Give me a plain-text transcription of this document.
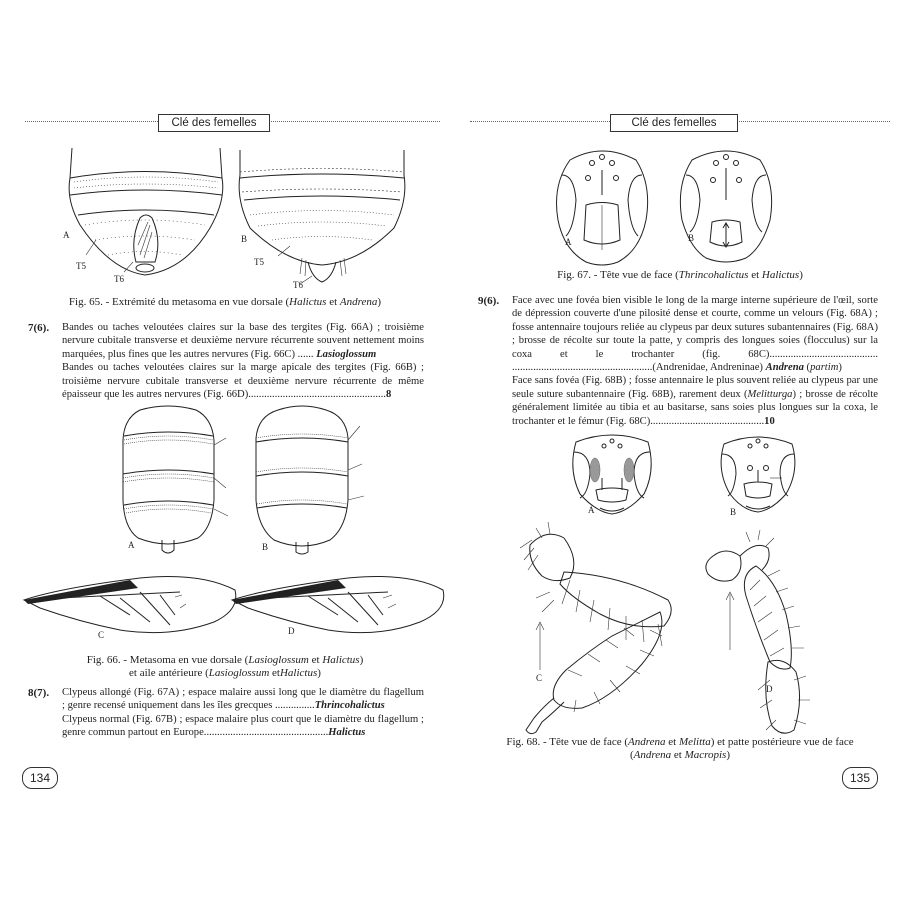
Clé des femelles
A
T5
T6
B
T5
T6
Fig. 65. - Extrémité du metasoma en vue dorsale (Halictus et Andrena)
7(6). Bandes ou taches veloutées claires sur la base des tergites (Fig. 66A) ; troisième nervure cubitale transverse et deuxième nervure récurrente souvent nettement moins marquées, plus fines que les autres nervures (Fig. 66C) ...... Lasioglossum

Bandes ou taches veloutées claires sur la marge apicale des tergites (Fig. 66B) ; troisième nervure cubitale transverse et deuxième nervure récurrente de même épaisseur que les autres nervures (Fig. 66D)....................................................8

A	B
C	D
Fig. 66. - Metasoma en vue dorsale (Lasioglossum et Halictus)
et aile antérieure (Lasioglossum etHalictus)
8(7). Clypeus allongé (Fig. 67A) ; espace malaire aussi long que le diamètre du flagellum ; genre recensé uniquement dans les îles grecques ...............Thrincohalictus

Clypeus normal (Fig. 67B) ; espace malaire plus court que le diamètre du flagellum ; genre commun partout en Europe...............................................Halictus

134
Clé des femelles
A	B
Fig. 67. - Tête vue de face (Thrincohalictus et Halictus)
9(6). Face avec une fovéa bien visible le long de la marge interne supérieure de l'œil, sorte de dépression couverte d'une pilosité dense et courte, comme un velours (Fig. 68A) ; fosse antennaire toujours reliée au clypeus par deux sutures subantennaires (Fig. 68A) ; brosse de récolte sur toute la patte, y compris des longues soies (flocculus) sur la coxa et le trochanter (fig. 68C)......................................... .....................................................(Andrenidae, Andreninae) Andrena (partim)

Face sans fovéa (Fig. 68B) ; fosse antennaire le plus souvent reliée au clypeus par une seule suture subantennaire (Fig. 68B), rarement deux (Melitturga) ; brosse de récolte généralement limitée au tibia et au basitarse, sans soies plus longues sur la coxa, le trochanter et le fémur (Fig. 68C)...........................................10

A	B
C
D
Fig. 68. - Tête vue de face (Andrena et Melitta) et patte postérieure vue de face
(Andrena et Macropis)
135
